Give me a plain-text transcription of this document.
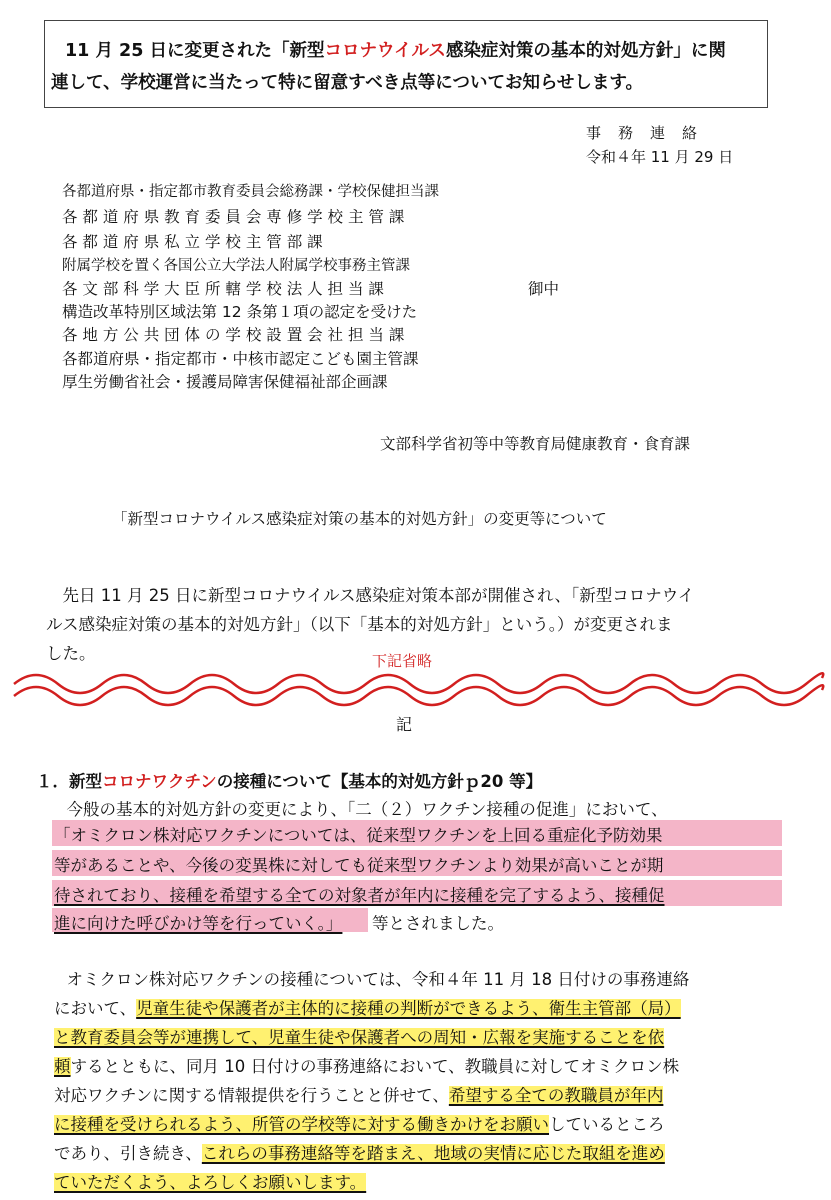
11 月 25 日に変更された「新型コロナウイルス感染症対策の基本的対処方針」に関
連して、学校運営に当たって特に留意すべき点等についてお知らせします。
事　務　連　絡
令和４年 11 月 29 日
各都道府県・指定都市教育委員会総務課・学校保健担当課
各 都 道 府 県 教 育 委 員 会 専 修 学 校 主 管 課
各 都 道 府 県 私 立 学 校 主 管 部 課
附属学校を置く各国公立大学法人附属学校事務主管課
各 文 部 科 学 大 臣 所 轄 学 校 法 人 担 当 課
構造改革特別区域法第 12 条第１項の認定を受けた
各 地 方 公 共 団 体 の 学 校 設 置 会 社 担 当 課
各都道府県・指定都市・中核市認定こども園主管課
厚生労働省社会・援護局障害保健福祉部企画課
御中
文部科学省初等中等教育局健康教育・食育課
「新型コロナウイルス感染症対策の基本的対処方針」の変更等について
　先日 11 月 25 日に新型コロナウイルス感染症対策本部が開催され、「新型コロナウイ
ルス感染症対策の基本的対処方針」（以下「基本的対処方針」という。）が変更されま
した。	下記省略
記
１．新型コロナワクチンの接種について【基本的対処方針ｐ20 等】
　今般の基本的対処方針の変更により、「二（２）ワクチン接種の促進」において、
「オミクロン株対応ワクチンについては、従来型ワクチンを上回る重症化予防効果
等があることや、今後の変異株に対しても従来型ワクチンより効果が高いことが期
待されており、接種を希望する全ての対象者が年内に接種を完了するよう、接種促
進に向けた呼びかけ等を行っていく。」 等とされました。
　オミクロン株対応ワクチンの接種については、令和４年 11 月 18 日付けの事務連絡
において、児童生徒や保護者が主体的に接種の判断ができるよう、衛生主管部（局）
と教育委員会等が連携して、児童生徒や保護者への周知・広報を実施することを依
頼するとともに、同月 10 日付けの事務連絡において、教職員に対してオミクロン株
対応ワクチンに関する情報提供を行うことと併せて、希望する全ての教職員が年内
に接種を受けられるよう、所管の学校等に対する働きかけをお願いしているところ
であり、引き続き、これらの事務連絡等を踏まえ、地域の実情に応じた取組を進め
ていただくよう、よろしくお願いします。
